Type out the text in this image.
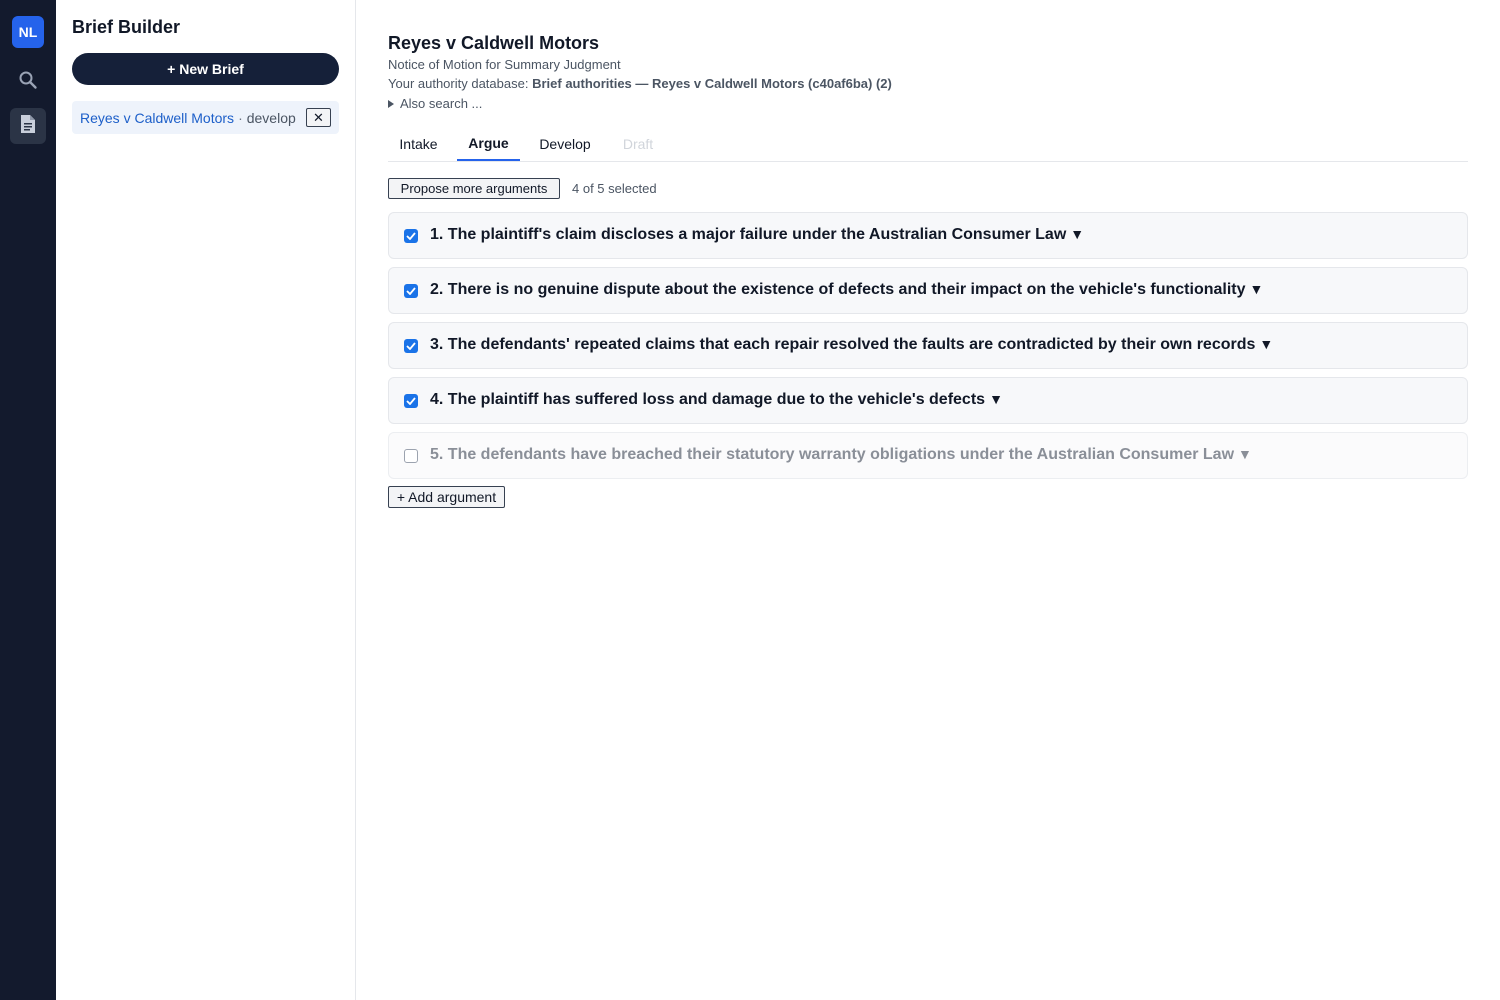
NL	Brief Builder
+ New Brief
Reyes v Caldwell Motors · develop ✕
Reyes v Caldwell Motors
Notice of Motion for Summary Judgment
Your authority database: Brief authorities — Reyes v Caldwell Motors (c40af6ba) (2)
Also search ...
Intake	Argue	Develop	Draft
Propose more arguments	4 of 5 selected
1. The plaintiff's claim discloses a major failure under the Australian Consumer Law ▼
2. There is no genuine dispute about the existence of defects and their impact on the vehicle's functionality ▼
3. The defendants' repeated claims that each repair resolved the faults are contradicted by their own records ▼
4. The plaintiff has suffered loss and damage due to the vehicle's defects ▼
5. The defendants have breached their statutory warranty obligations under the Australian Consumer Law ▼
+ Add argument
